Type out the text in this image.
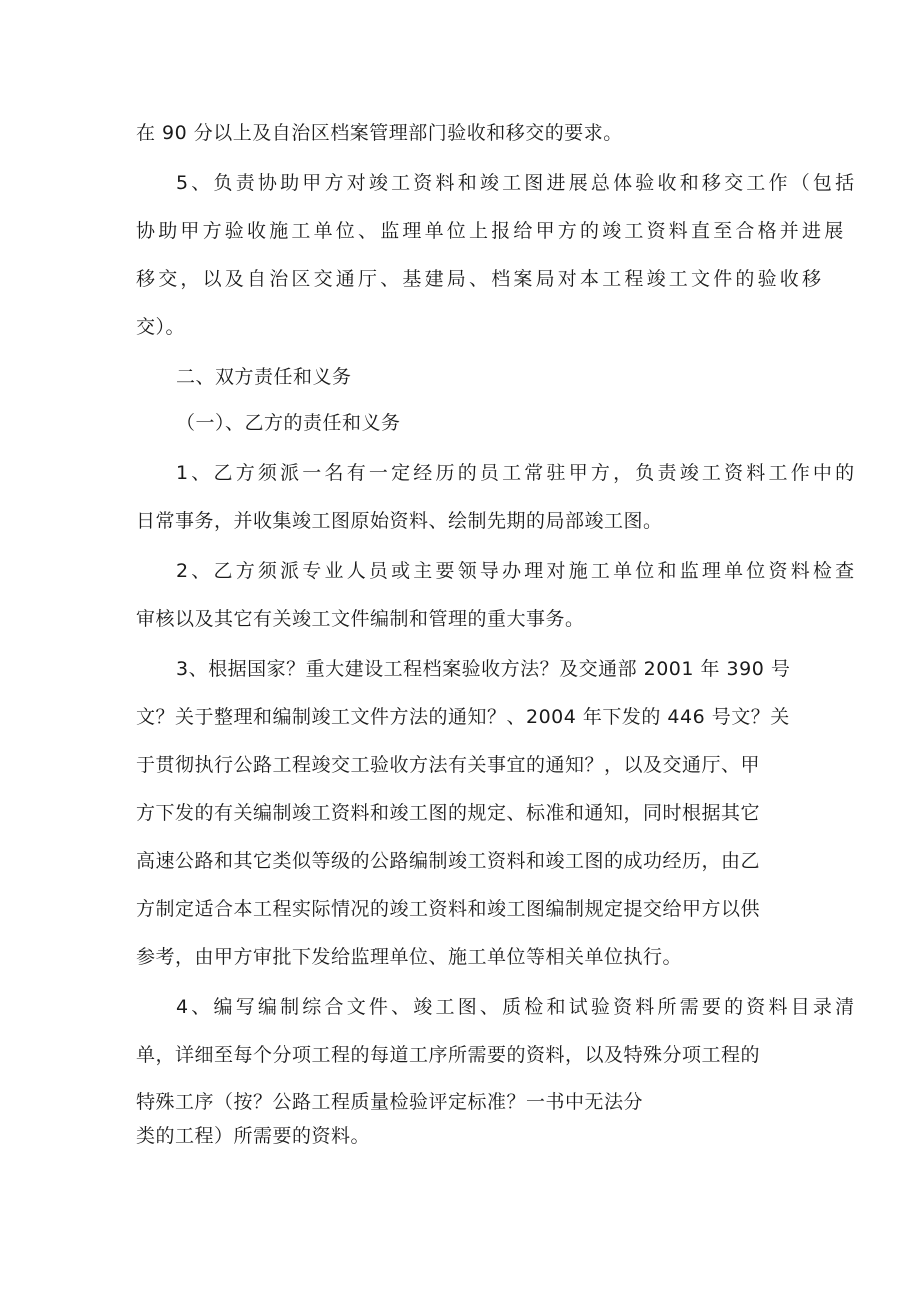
在 90 分以上及自治区档案管理部门验收和移交的要求。
5、负责协助甲方对竣工资料和竣工图进展总体验收和移交工作（包括
协助甲方验收施工单位、监理单位上报给甲方的竣工资料直至合格并进展
移交，以及自治区交通厅、基建局、档案局对本工程竣工文件的验收移
交）。
二、双方责任和义务
（一）、乙方的责任和义务
1、乙方须派一名有一定经历的员工常驻甲方，负责竣工资料工作中的
日常事务，并收集竣工图原始资料、绘制先期的局部竣工图。
2、乙方须派专业人员或主要领导办理对施工单位和监理单位资料检查
审核以及其它有关竣工文件编制和管理的重大事务。
3、根据国家？重大建设工程档案验收方法？及交通部 2001 年 390 号
文？关于整理和编制竣工文件方法的通知？、2004 年下发的 446 号文？关
于贯彻执行公路工程竣交工验收方法有关事宜的通知？，以及交通厅、甲
方下发的有关编制竣工资料和竣工图的规定、标准和通知，同时根据其它
高速公路和其它类似等级的公路编制竣工资料和竣工图的成功经历，由乙
方制定适合本工程实际情况的竣工资料和竣工图编制规定提交给甲方以供
参考，由甲方审批下发给监理单位、施工单位等相关单位执行。
4、编写编制综合文件、竣工图、质检和试验资料所需要的资料目录清
单，详细至每个分项工程的每道工序所需要的资料，以及特殊分项工程的
特殊工序（按？公路工程质量检验评定标准？一书中无法分
类的工程）所需要的资料。
